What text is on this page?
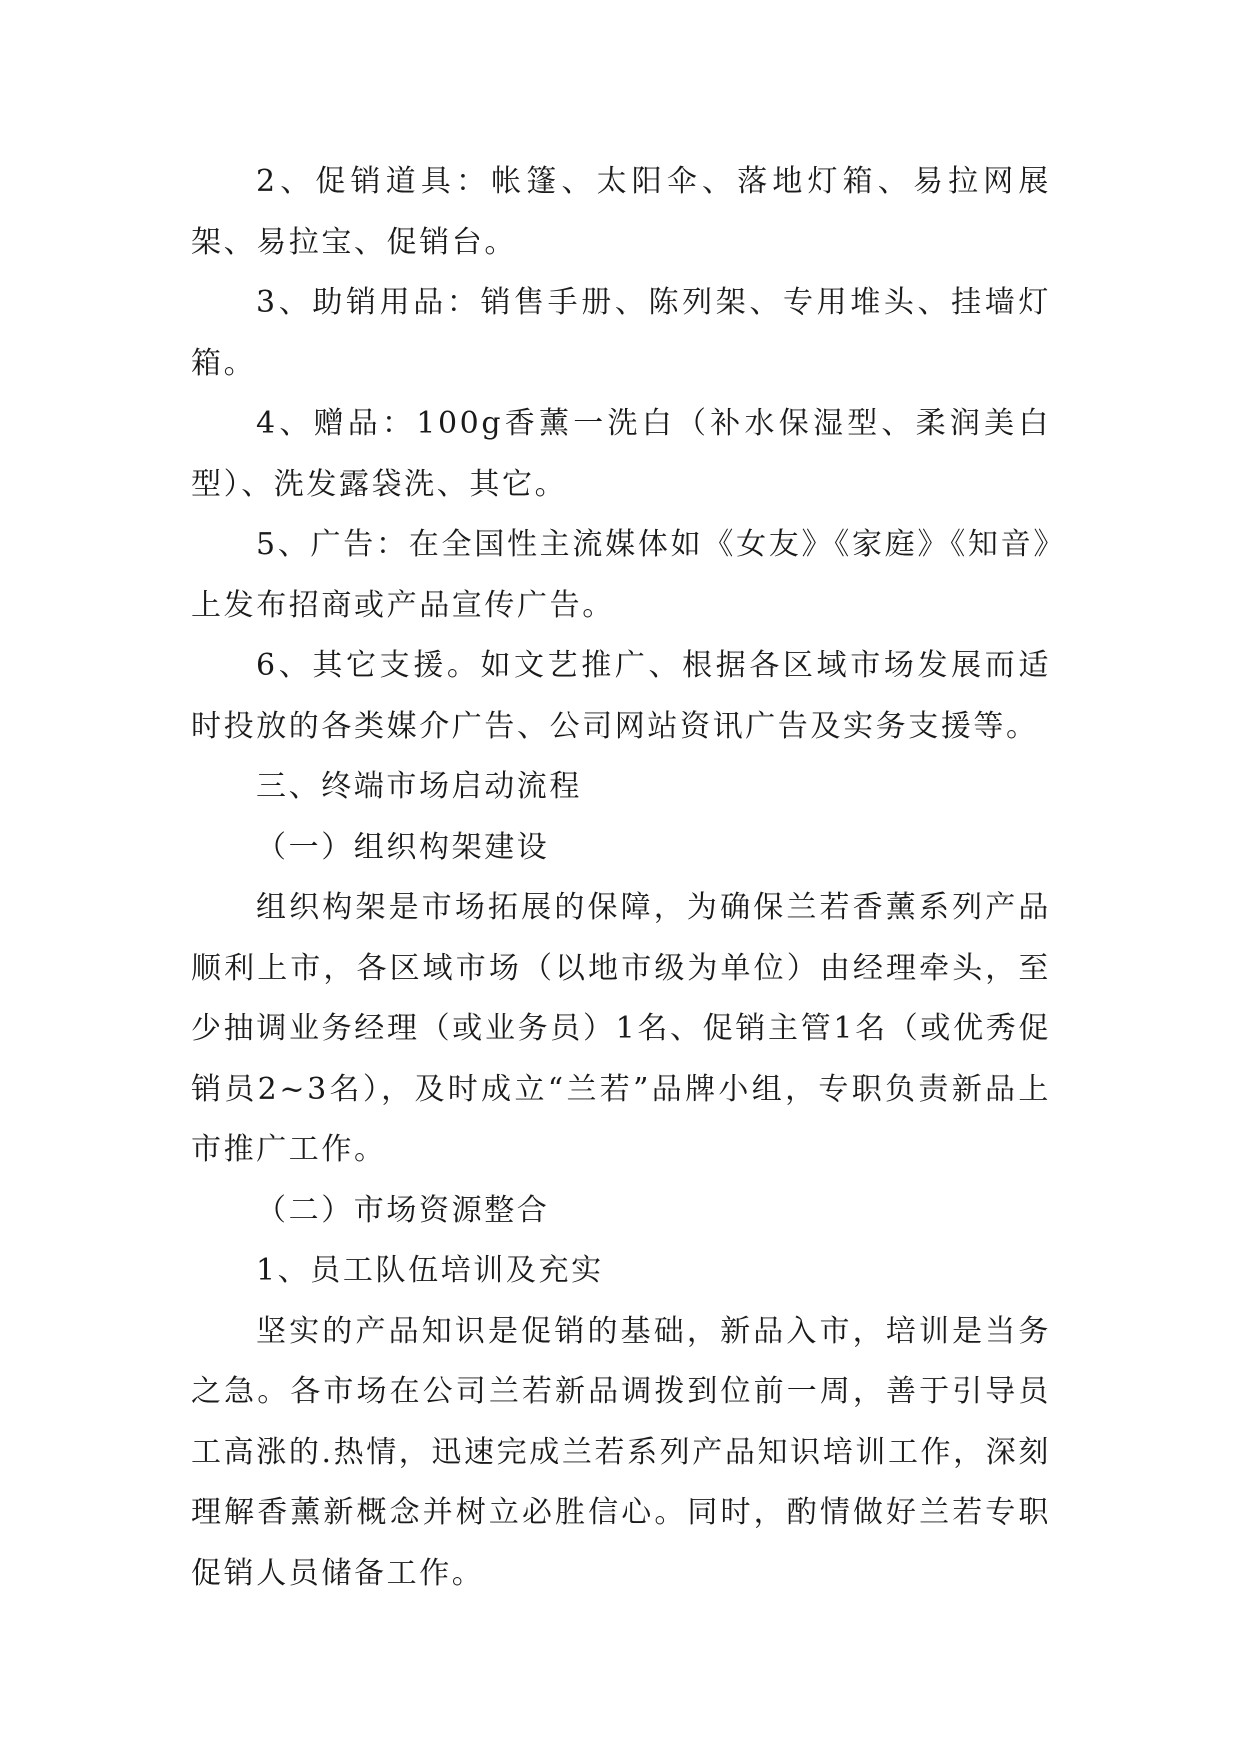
2、促销道具：帐篷、太阳伞、落地灯箱、易拉网展架、易拉宝、促销台。

3、助销用品：销售手册、陈列架、专用堆头、挂墙灯箱。

4、赠品：100g香薰一洗白（补水保湿型、柔润美白型）、洗发露袋洗、其它。

5、广告：在全国性主流媒体如《女友》《家庭》《知音》上发布招商或产品宣传广告。

6、其它支援。如文艺推广、根据各区域市场发展而适时投放的各类媒介广告、公司网站资讯广告及实务支援等。

三、终端市场启动流程

（一）组织构架建设

组织构架是市场拓展的保障，为确保兰若香薰系列产品顺利上市，各区域市场（以地市级为单位）由经理牵头，至少抽调业务经理（或业务员）1名、促销主管1名（或优秀促销员2~3名），及时成立“兰若”品牌小组，专职负责新品上市推广工作。

（二）市场资源整合

1、员工队伍培训及充实

坚实的产品知识是促销的基础，新品入市，培训是当务之急。各市场在公司兰若新品调拨到位前一周，善于引导员工高涨的.热情，迅速完成兰若系列产品知识培训工作，深刻理解香薰新概念并树立必胜信心。同时，酌情做好兰若专职促销人员储备工作。
